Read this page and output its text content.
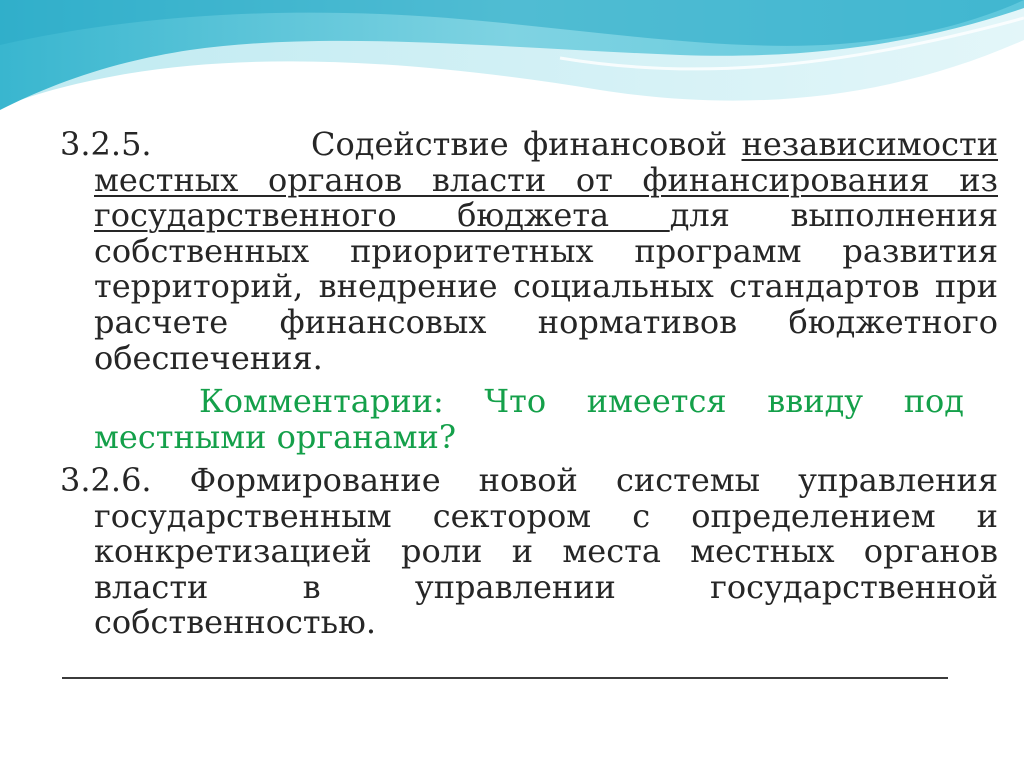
3.2.5.	Содействие финансовой независимости местных органов власти от финансирования из государственного бюджета для выполнения собственных приоритетных программ развития территорий, внедрение социальных стандартов при расчете финансовых нормативов бюджетного обеспечения.

Комментарии: Что имеется ввиду под местными органами?

3.2.6. Формирование новой системы управления государственным сектором с определением и конкретизацией роли и места местных органов власти в управлении государственной собственностью.
